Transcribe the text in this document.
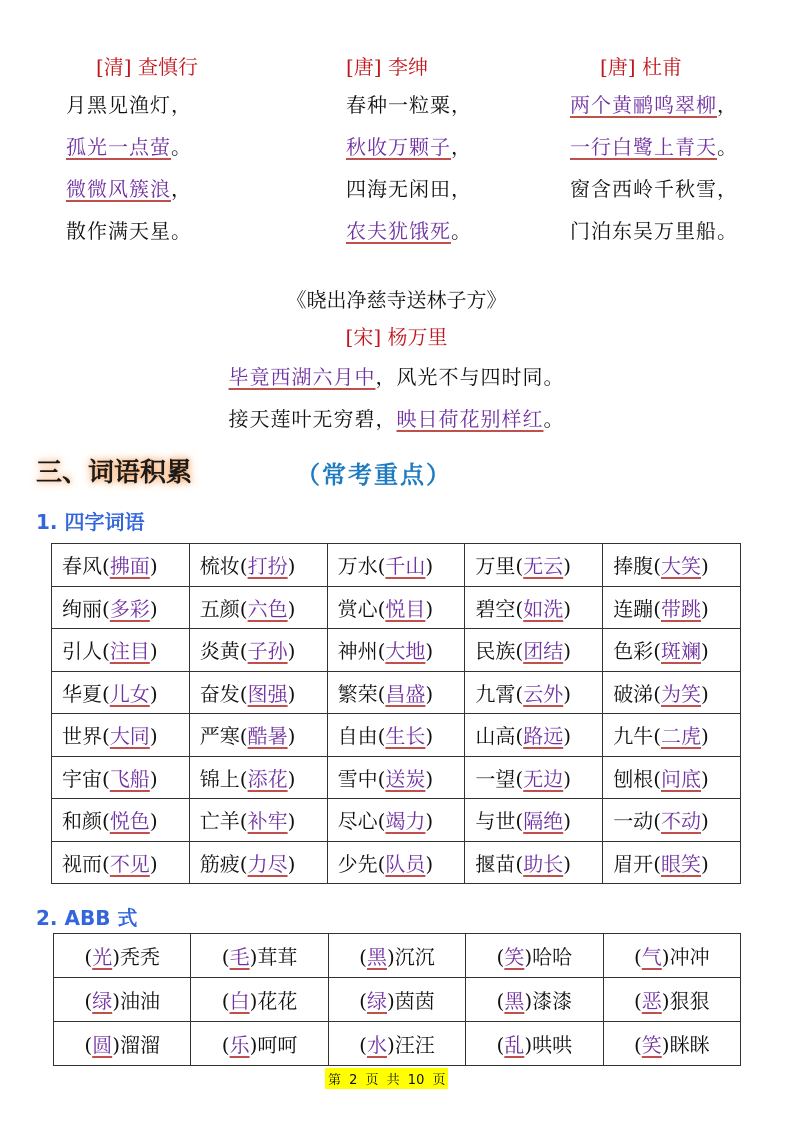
[清] 查慎行
月黑见渔灯，
孤光一点萤。
微微风簇浪，
散作满天星。
[唐] 李绅
春种一粒粟，
秋收万颗子，
四海无闲田，
农夫犹饿死。
[唐] 杜甫
两个黄鹂鸣翠柳，
一行白鹭上青天。
窗含西岭千秋雪，
门泊东吴万里船。
《晓出净慈寺送林子方》
[宋] 杨万里
毕竟西湖六月中，风光不与四时同。
接天莲叶无穷碧，映日荷花别样红。
三、词语积累	（常考重点）
1. 四字词语
春风(拂面)	梳妆(打扮)	万水(千山)	万里(无云)	捧腹(大笑)
绚丽(多彩)	五颜(六色)	赏心(悦目)	碧空(如洗)	连蹦(带跳)
引人(注目)	炎黄(子孙)	神州(大地)	民族(团结)	色彩(斑斓)
华夏(儿女)	奋发(图强)	繁荣(昌盛)	九霄(云外)	破涕(为笑)
世界(大同)	严寒(酷暑)	自由(生长)	山高(路远)	九牛(二虎)
宇宙(飞船)	锦上(添花)	雪中(送炭)	一望(无边)	刨根(问底)
和颜(悦色)	亡羊(补牢)	尽心(竭力)	与世(隔绝)	一动(不动)
视而(不见)	筋疲(力尽)	少先(队员)	揠苗(助长)	眉开(眼笑)
2. ABB 式
(光)秃秃	(毛)茸茸	(黑)沉沉	(笑)哈哈	(气)冲冲
(绿)油油	(白)花花	(绿)茵茵	(黑)漆漆	(恶)狠狠
(圆)溜溜	(乐)呵呵	(水)汪汪	(乱)哄哄	(笑)眯眯
第 2 页 共 10 页
